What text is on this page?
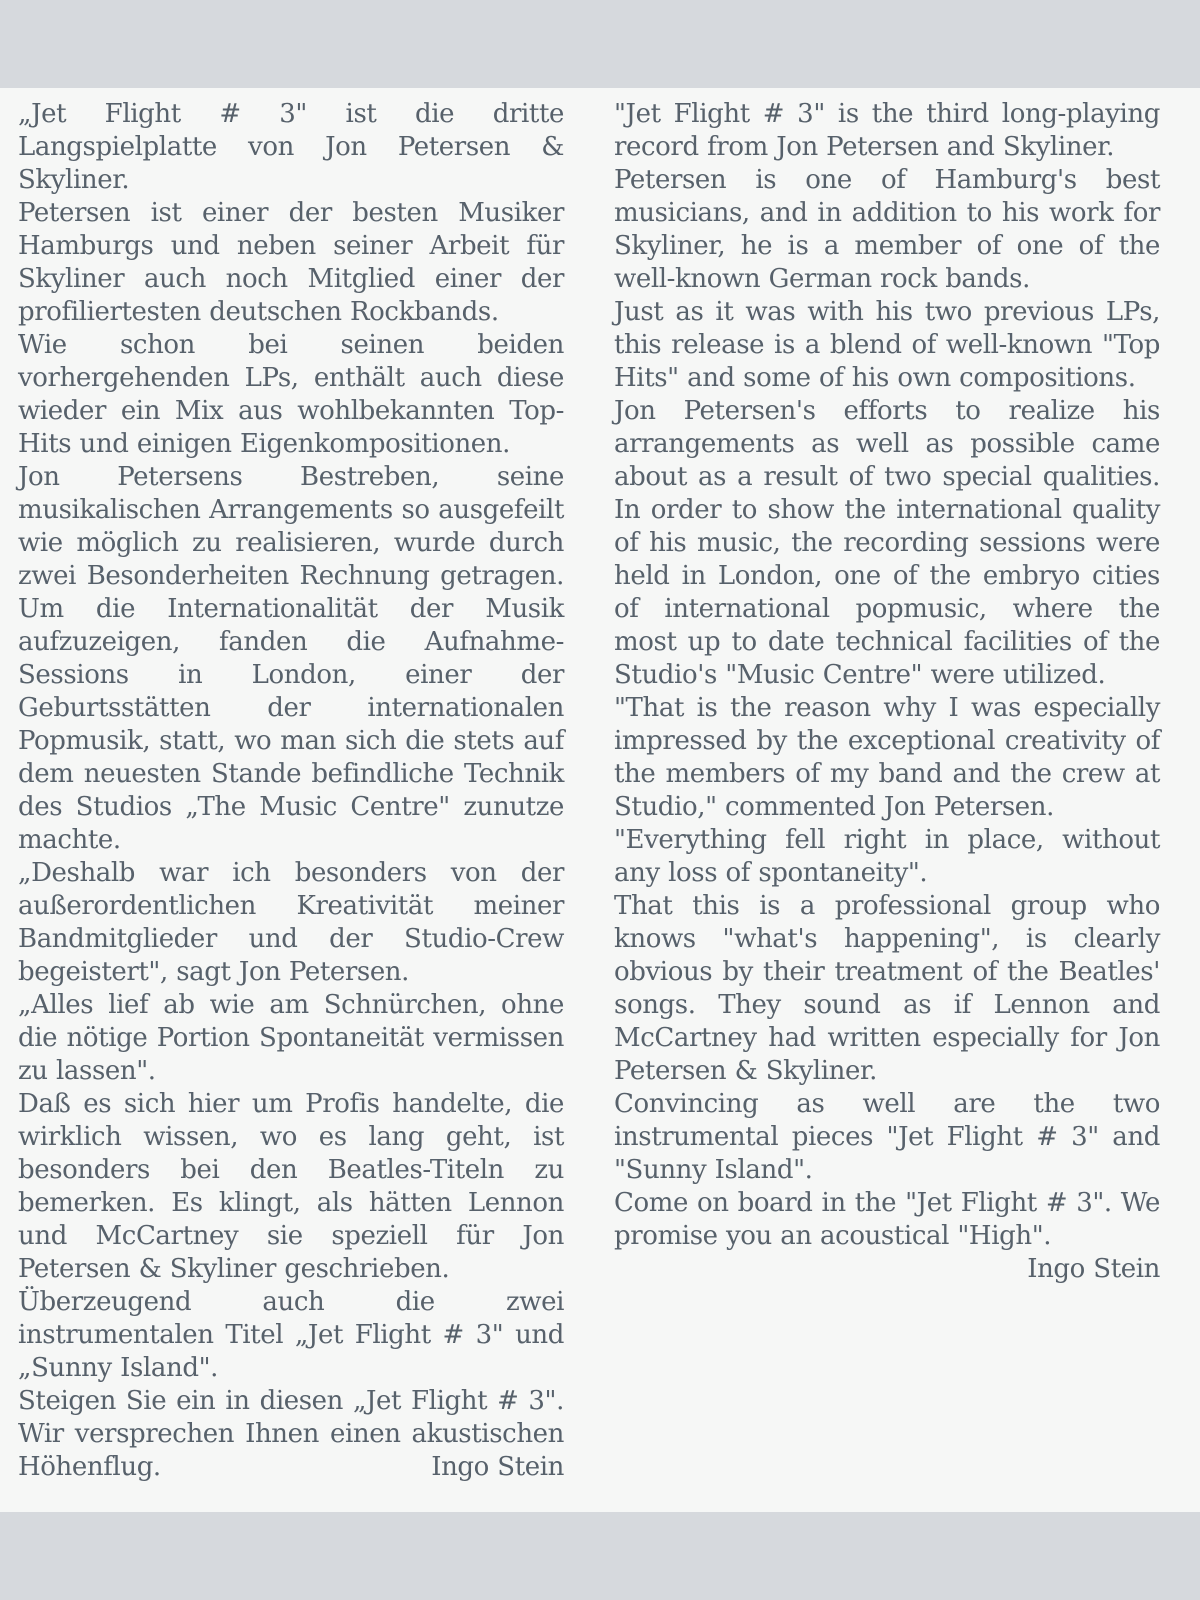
„Jet Flight # 3" ist die dritte Langspielplatte von Jon Petersen & Skyliner.

Petersen ist einer der besten Musiker Hamburgs und neben seiner Arbeit für Skyliner auch noch Mitglied einer der profiliertesten deutschen Rockbands.

Wie schon bei seinen beiden vorhergehenden LPs, enthält auch diese wieder ein Mix aus wohlbekannten Top-Hits und einigen Eigenkompositionen.

Jon Petersens Bestreben, seine musikalischen Arrangements so ausgefeilt wie möglich zu realisieren, wurde durch zwei Besonderheiten Rechnung getragen. Um die Internationalität der Musik aufzuzeigen, fanden die Aufnahme-Sessions in London, einer der Geburtsstätten der internationalen Popmusik, statt, wo man sich die stets auf dem neuesten Stande befindliche Technik des Studios „The Music Centre" zunutze machte.

„Deshalb war ich besonders von der außerordentlichen Kreativität meiner Bandmitglieder und der Studio-Crew begeistert", sagt Jon Petersen.

„Alles lief ab wie am Schnürchen, ohne die nötige Portion Spontaneität vermissen zu lassen".

Daß es sich hier um Profis handelte, die wirklich wissen, wo es lang geht, ist besonders bei den Beatles-Titeln zu bemerken. Es klingt, als hätten Lennon und McCartney sie speziell für Jon Petersen & Skyliner geschrieben.

Überzeugend auch die zwei instrumentalen Titel „Jet Flight # 3" und „Sunny Island".

Steigen Sie ein in diesen „Jet Flight # 3". Wir versprechen Ihnen einen akustischen Höhenflug.	Ingo Stein

"Jet Flight # 3" is the third long-playing record from Jon Petersen and Skyliner.

Petersen is one of Hamburg's best musicians, and in addition to his work for Skyliner, he is a member of one of the well-known German rock bands.

Just as it was with his two previous LPs, this release is a blend of well-known "Top Hits" and some of his own compositions.

Jon Petersen's efforts to realize his arrangements as well as possible came about as a result of two special qualities. In order to show the international quality of his music, the recording sessions were held in London, one of the embryo cities of international popmusic, where the most up to date technical facilities of the Studio's "Music Centre" were utilized.

"That is the reason why I was especially impressed by the exceptional creativity of the members of my band and the crew at Studio," commented Jon Petersen.

"Everything fell right in place, without any loss of spontaneity".

That this is a professional group who knows "what's happening", is clearly obvious by their treatment of the Beatles' songs. They sound as if Lennon and McCartney had written especially for Jon Petersen & Skyliner.

Convincing as well are the two instrumental pieces "Jet Flight # 3" and "Sunny Island".

Come on board in the "Jet Flight # 3". We promise you an acoustical "High".

Ingo Stein
